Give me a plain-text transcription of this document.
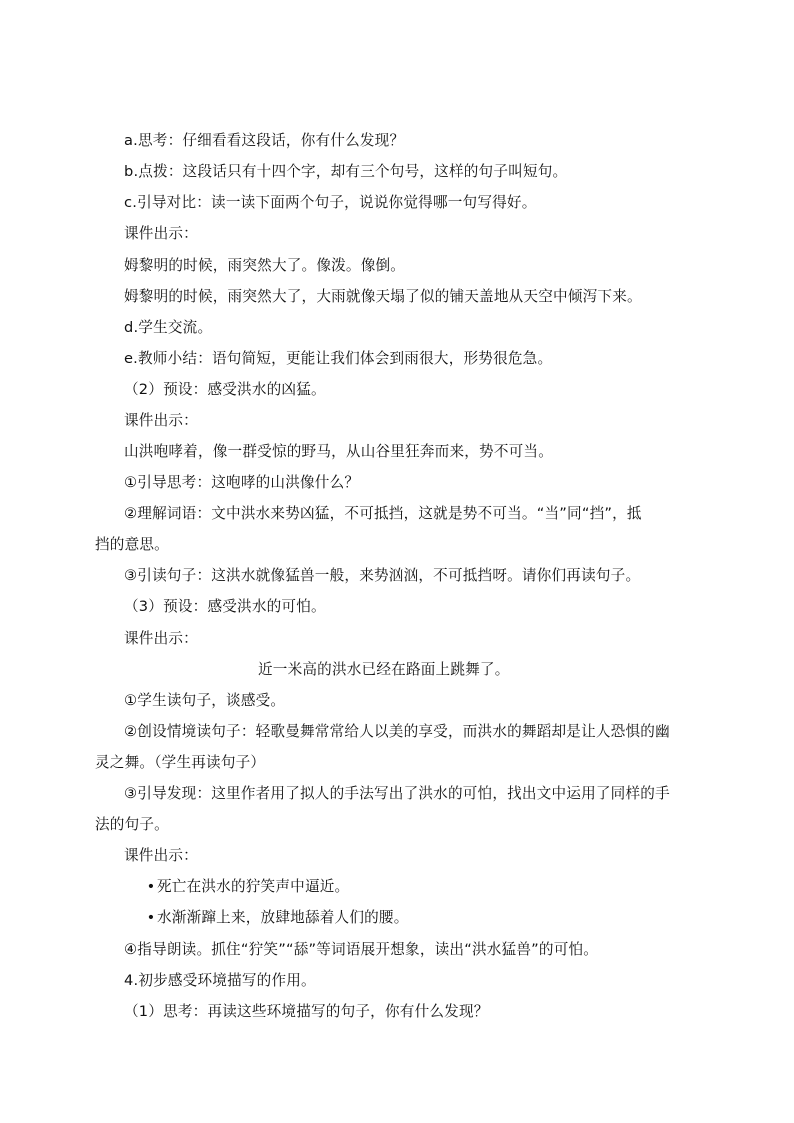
a.思考：仔细看看这段话，你有什么发现？
b.点拨：这段话只有十四个字，却有三个句号，这样的句子叫短句。
c.引导对比：读一读下面两个句子，说说你觉得哪一句写得好。
课件出示：
姆黎明的时候，雨突然大了。像泼。像倒。
姆黎明的时候，雨突然大了，大雨就像天塌了似的铺天盖地从天空中倾泻下来。
d.学生交流。
e.教师小结：语句简短，更能让我们体会到雨很大，形势很危急。
（2）预设：感受洪水的凶猛。
课件出示：
山洪咆哮着，像一群受惊的野马，从山谷里狂奔而来，势不可当。
①引导思考：这咆哮的山洪像什么？
②理解词语：文中洪水来势凶猛，不可抵挡，这就是势不可当。“当”同“挡”，抵
挡的意思。
③引读句子：这洪水就像猛兽一般，来势汹汹，不可抵挡呀。请你们再读句子。
（3）预设：感受洪水的可怕。
课件出示：
近一米高的洪水已经在路面上跳舞了。
①学生读句子，谈感受。
②创设情境读句子：轻歌曼舞常常给人以美的享受，而洪水的舞蹈却是让人恐惧的幽
灵之舞。（学生再读句子）
③引导发现：这里作者用了拟人的手法写出了洪水的可怕，找出文中运用了同样的手
法的句子。
课件出示：
• 死亡在洪水的狞笑声中逼近。
• 水渐渐蹿上来，放肆地舔着人们的腰。
④指导朗读。抓住“狞笑”“舔”等词语展开想象，读出“洪水猛兽”的可怕。
4.初步感受环境描写的作用。
（1）思考：再读这些环境描写的句子，你有什么发现？
